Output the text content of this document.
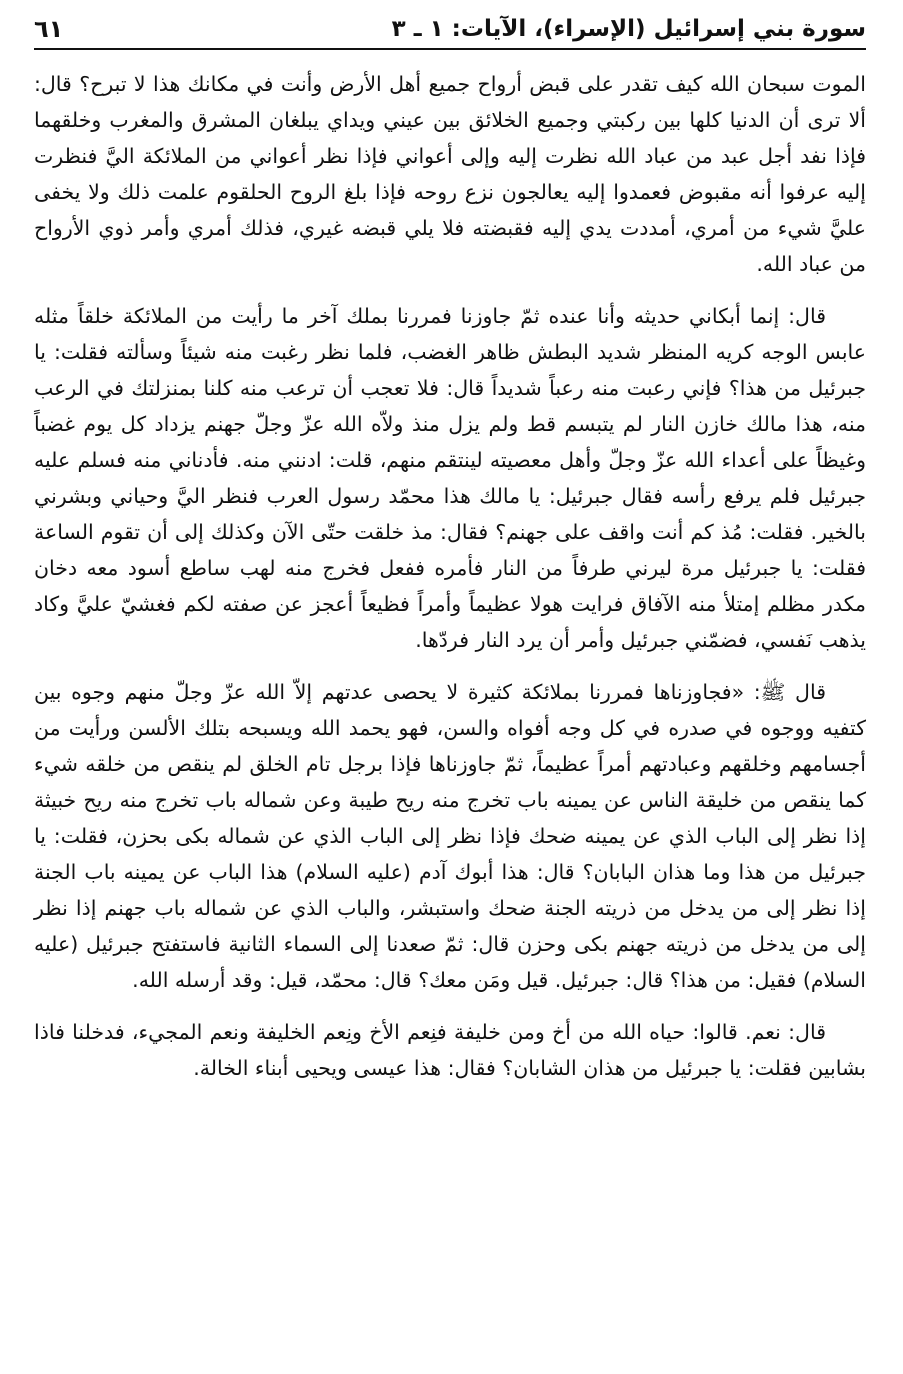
سورة بني إسرائيل (الإسراء)، الآيات: ١ ـ ٣
٦١

الموت سبحان الله كيف تقدر على قبض أرواح جميع أهل الأرض وأنت في مكانك هذا لا تبرح؟ قال: ألا ترى أن الدنيا كلها بين ركبتي وجميع الخلائق بين عيني ويداي يبلغان المشرق والمغرب وخلقهما فإذا نفد أجل عبد من عباد الله نظرت إليه وإلى أعواني فإذا نظر أعواني من الملائكة اليَّ فنظرت إليه عرفوا أنه مقبوض فعمدوا إليه يعالجون نزع روحه فإذا بلغ الروح الحلقوم علمت ذلك ولا يخفى عليَّ شيء من أمري، أمددت يدي إليه فقبضته فلا يلي قبضه غيري، فذلك أمري وأمر ذوي الأرواح من عباد الله.

قال: إنما أبكاني حديثه وأنا عنده ثمّ جاوزنا فمررنا بملك آخر ما رأيت من الملائكة خلقاً مثله عابس الوجه كريه المنظر شديد البطش ظاهر الغضب، فلما نظر رغبت منه شيئاً وسألته فقلت: يا جبرئيل من هذا؟ فإني رعبت منه رعباً شديداً قال: فلا تعجب أن ترعب منه كلنا بمنزلتك في الرعب منه، هذا مالك خازن النار لم يتبسم قط ولم يزل منذ ولاّه الله عزّ وجلّ جهنم يزداد كل يوم غضباً وغيظاً على أعداء الله عزّ وجلّ وأهل معصيته لينتقم منهم، قلت: ادنني منه. فأدناني منه فسلم عليه جبرئيل فلم يرفع رأسه فقال جبرئيل: يا مالك هذا محمّد رسول العرب فنظر اليَّ وحياني وبشرني بالخير. فقلت: مُذ كم أنت واقف على جهنم؟ فقال: مذ خلقت حتّى الآن وكذلك إلى أن تقوم الساعة فقلت: يا جبرئيل مرة ليرني طرفاً من النار فأمره ففعل فخرج منه لهب ساطع أسود معه دخان مكدر مظلم إمتلأ منه الآفاق فرايت هولا عظيماً وأمراً فظيعاً أعجز عن صفته لكم فغشيّ عليَّ وكاد يذهب نَفسي، فضمّني جبرئيل وأمر أن يرد النار فردّها.

قال ﷺ: «فجاوزناها فمررنا بملائكة كثيرة لا يحصى عدتهم إلاّ الله عزّ وجلّ منهم وجوه بين كتفيه ووجوه في صدره في كل وجه أفواه والسن، فهو يحمد الله ويسبحه بتلك الألسن ورأيت من أجسامهم وخلقهم وعبادتهم أمراً عظيماً، ثمّ جاوزناها فإذا برجل تام الخلق لم ينقص من خلقه شيء كما ينقص من خليقة الناس عن يمينه باب تخرج منه ريح طيبة وعن شماله باب تخرج منه ريح خبيثة إذا نظر إلى الباب الذي عن يمينه ضحك فإذا نظر إلى الباب الذي عن شماله بكى بحزن، فقلت: يا جبرئيل من هذا وما هذان البابان؟ قال: هذا أبوك آدم (عليه السلام) هذا الباب عن يمينه باب الجنة إذا نظر إلى من يدخل من ذريته الجنة ضحك واستبشر، والباب الذي عن شماله باب جهنم إذا نظر إلى من يدخل من ذريته جهنم بكى وحزن قال: ثمّ صعدنا إلى السماء الثانية فاستفتح جبرئيل (عليه السلام) فقيل: من هذا؟ قال: جبرئيل. قيل ومَن معك؟ قال: محمّد، قيل: وقد أرسله الله.

قال: نعم. قالوا: حياه الله من أخ ومن خليفة فنِعم الأخ ونِعم الخليفة ونعم المجيء، فدخلنا فاذا بشابين فقلت: يا جبرئيل من هذان الشابان؟ فقال: هذا عيسى ويحيى أبناء الخالة.
